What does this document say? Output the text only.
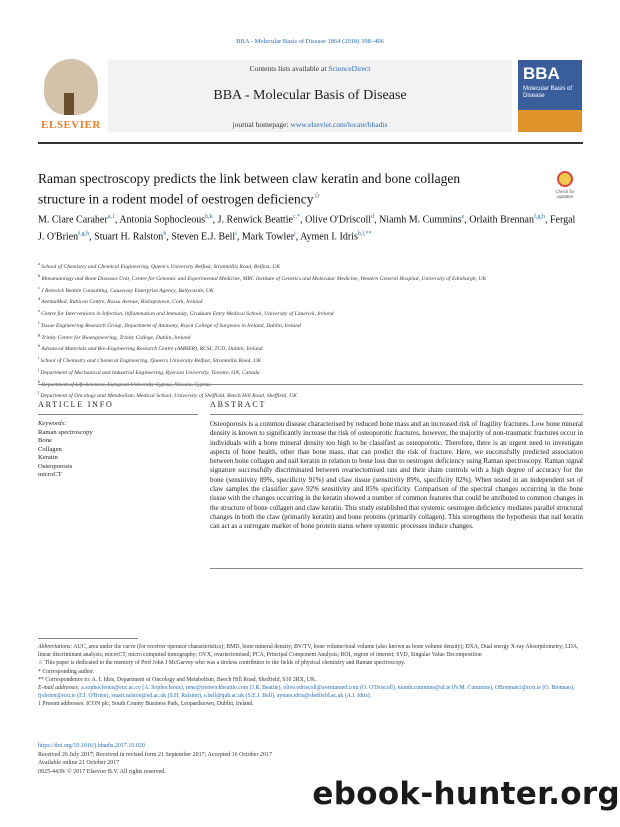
BBA - Molecular Basis of Disease 1864 (2018) 398–406
ELSEVIER
Contents lists available at ScienceDirect
BBA - Molecular Basis of Disease
journal homepage: www.elsevier.com/locate/bbadis
BBA
Molecular Basis of Disease
Raman spectroscopy predicts the link between claw keratin and bone collagen structure in a rodent model of oestrogen deficiency☆	Check for updates
M. Clare Caraher$^{a,1}$, Antonia Sophocleous$^{b,k}$, J. Renwick Beattie$^{c,*}$, Olive O'Driscoll$^d$, Niamh M. Cummins$^e$, Orlaith Brennan$^{f,g,h}$, Fergal J. O'Brien$^{f,g,h}$, Stuart H. Ralston$^b$, Steven E.J. Bell$^i$, Mark Towler$^j$, Aymen I. Idris$^{b,l,**}$
$^a$ School of Chemistry and Chemical Engineering, Queen's University Belfast, Stranmillis Road, Belfast, UK
$^b$ Rheumatology and Bone Diseases Unit, Centre for Genomic and Experimental Medicine, MRC Institute of Genetics and Molecular Medicine, Western General Hospital, University of Edinburgh, UK
$^c$ J Renwick Beattie Consulting, Causeway Enterprise Agency, Ballycastle, UK
$^d$ AventaMed, Rubicon Centre, Rossa Avenue, Bishopstown, Cork, Ireland
$^e$ Centre for Interventions in Infection, Inflammation and Immunity, Graduate Entry Medical School, University of Limerick, Ireland
$^f$ Tissue Engineering Research Group, Department of Anatomy, Royal College of Surgeons in Ireland, Dublin, Ireland
$^g$ Trinity Centre for Bioengineering, Trinity College, Dublin, Ireland
$^h$ Advanced Materials and Bio-Engineering Research Centre (AMBER), RCSI, TCD, Dublin, Ireland
$^i$ School of Chemistry and Chemical Engineering, Queen's University Belfast, Stranmillis Road, UK
$^j$ Department of Mechanical and Industrial Engineering, Ryerson University, Toronto, ON, Canada
$^k$
$^l$ Department of Oncology and Metabolism, Medical School, University of Sheffield, Beech Hill Road, Sheffield, UK
ARTICLE INFO	ABSTRACT
Keywords:
Raman spectroscopy
Bone
Collagen
Keratin
Osteoporosis
microCT
Osteoporosis is a common disease characterised by reduced bone mass and an increased risk of fragility fractures. Low bone mineral density is known to significantly increase the risk of osteoporotic fractures, however, the majority of non-traumatic fractures occur in individuals with a bone mineral density too high to be classified as osteoporotic. Therefore, there is an urgent need to investigate aspects of bone health, other than bone mass, that can predict the risk of fracture. Here, we successfully predicted association between bone collagen and nail keratin in relation to bone loss due to oestrogen deficiency using Raman spectroscopy. Raman signal signature successfully discriminated between ovariectomised rats and their sham controls with a high degree of accuracy for the bone (sensitivity 89%, specificity 91%) and claw tissue (sensitivity 89%, specificity 82%). When tested in an independent set of claw samples the classifier gave 92% sensitivity and 85% specificity. Comparison of the spectral changes occurring in the bone tissue with the changes occurring in the keratin showed a number of common features that could be attributed to common changes in the structure of bone collagen and claw keratin. This study established that systemic oestrogen deficiency mediates parallel structural changes in both the claw (primarily keratin) and bone proteins (primarily collagen). This strengthens the hypothesis that nail keratin can act as a surrogate marker of bone protein status where systemic processes induce changes.
Abbreviations: AUC, area under the curve (for receiver operator characteristics); BMD, bone mineral density; BV/TV, bone volume/total volume (also known as bone volume density); DXA, Dual energy X-ray Absorptiometry; LDA, linear discriminant analysis; microCT, micro computed tomography; OVX, ovariectomised; PCA, Principal Component Analysis; ROI, region of interest; SVD, Singular Value Decomposition
☆ This paper is dedicated to the memory of Prof John J McGarvey who was a tireless contributor to the fields of physical chemistry and Raman spectroscopy.
* Corresponding author.
** Correspondence to: A. I. Idris, Department of Oncology and Metabolism, Beech Hill Road, Sheffield, S10 2RX, UK.
E-mail addresses: a.sophocleous@euc.ac.cy (A. Sophocleous), rene@jrenwickbeattie.com (J.R. Beattie), olive.odriscoll@aventamed.com (O. O'Driscoll), niamh.cummins@ul.ie (N.M. Cummins), OBrennan1@rcsi.ie (O. Brennan), fjobrien@rcsi.ie (F.J. O'Brien), stuart.ralston@ed.ac.uk (S.H. Ralston), s.bell@qub.ac.uk (S.E.J. Bell), aymen.idris@sheffield.ac.uk (A.I. Idris).
1 Present addresses: ICON plc, South County Business Park, Leopardstown, Dublin, Ireland.
https://doi.org/10.1016/j.bbadis.2017.10.020
Received 26 July 2017; Received in revised form 21 September 2017; Accepted 16 October 2017
Available online 21 October 2017
0925-4439/ © 2017 Elsevier B.V. All rights reserved.
ebook-hunter.org
